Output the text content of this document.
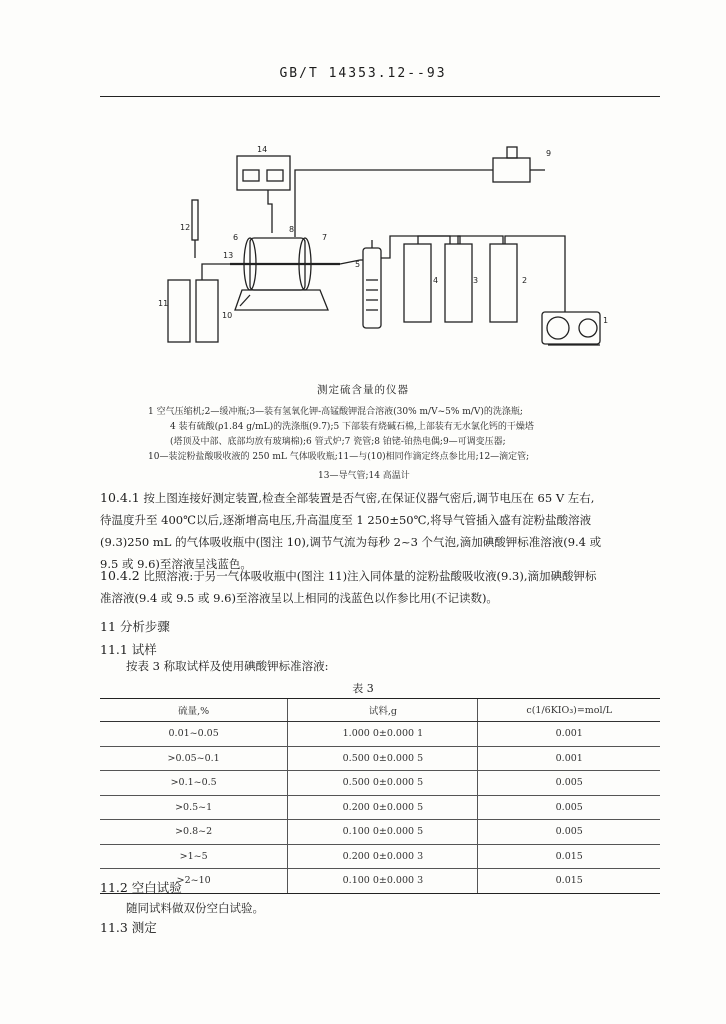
GB/T 14353.12--93
14
12
6
8
7
13
5
4	3	2
11
10
9
1
测定硫含量的仪器
1 空气压缩机;2—缓冲瓶;3—装有氢氧化钾-高锰酸钾混合溶液(30% m/V~5% m/V)的洗涤瓶;
4 装有硫酸(ρ1.84 g/mL)的洗涤瓶(9.7);5 下部装有烧碱石棉,上部装有无水氯化钙的干燥塔
(塔顶及中部、底部均放有玻璃棉);6 管式炉;7 瓷管;8 铂铑-铂热电偶;9—可调变压器;
10—装淀粉盐酸吸收液的 250 mL 气体吸收瓶;11—与(10)相同作滴定终点参比用;12—滴定管;
13—导气管;14 高温计
10.4.1 按上图连接好测定装置,检查全部装置是否气密,在保证仪器气密后,调节电压在 65 V 左右,
待温度升至 400℃以后,逐渐增高电压,升高温度至 1 250±50℃,将导气管插入盛有淀粉盐酸溶液
(9.3)250 mL 的气体吸收瓶中(图注 10),调节气流为每秒 2~3 个气泡,滴加碘酸钾标准溶液(9.4 或
9.5 或 9.6)至溶液呈浅蓝色。
10.4.2 比照溶液:于另一气体吸收瓶中(图注 11)注入同体量的淀粉盐酸吸收液(9.3),滴加碘酸钾标
准溶液(9.4 或 9.5 或 9.6)至溶液呈以上相同的浅蓝色以作参比用(不记读数)。
11 分析步骤
11.1 试样
按表 3 称取试样及使用碘酸钾标准溶液:
表 3
硫量,%	试料,g	c(1/6KIO₃)=mol/L
0.01~0.05	1.000 0±0.000 1	0.001
>0.05~0.1	0.500 0±0.000 5	0.001
>0.1~0.5	0.500 0±0.000 5	0.005
>0.5~1	0.200 0±0.000 5	0.005
>0.8~2	0.100 0±0.000 5	0.005
>1~5	0.200 0±0.000 3	0.015
>2~10	0.100 0±0.000 3	0.015
11.2 空白试验
随同试料做双份空白试验。
11.3 测定
